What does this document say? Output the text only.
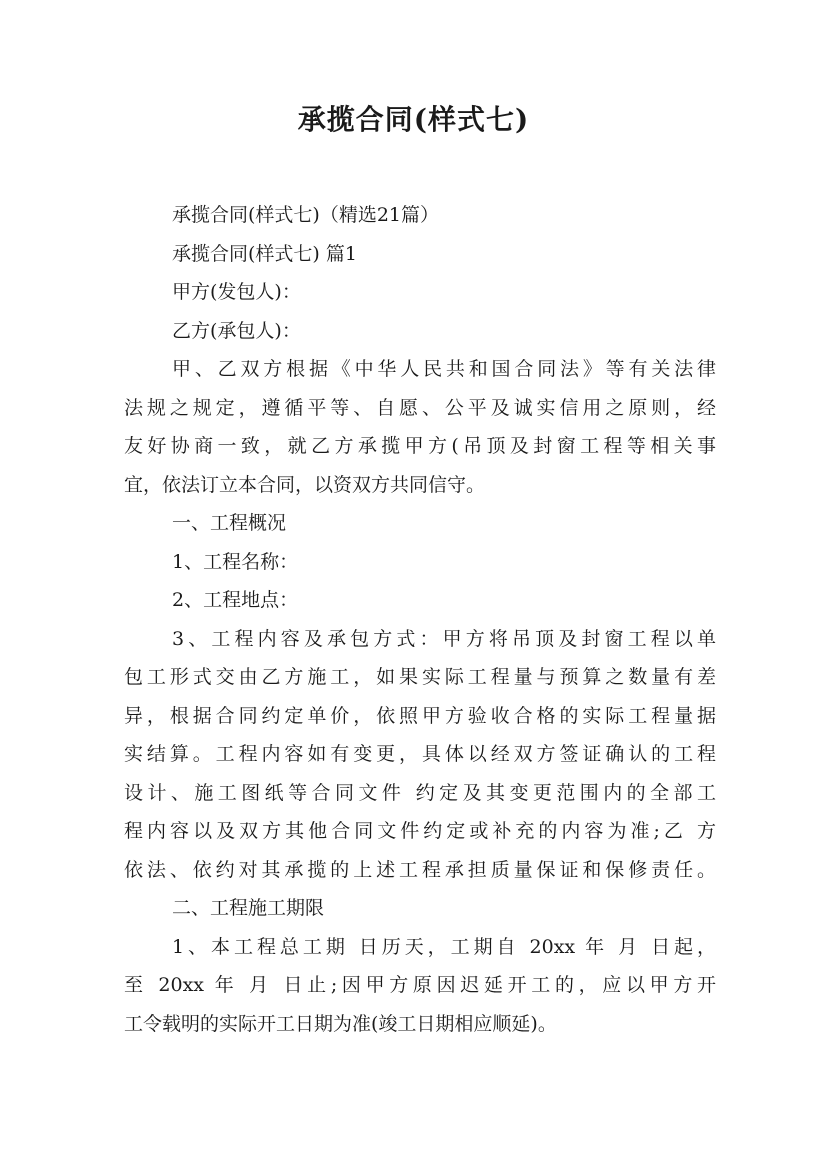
承揽合同(样式七)
承揽合同(样式七)（精选21篇）
承揽合同(样式七) 篇1
甲方(发包人)：
乙方(承包人)：
甲、乙双方根据《中华人民共和国合同法》等有关法律
法规之规定，遵循平等、自愿、公平及诚实信用之原则，经
友好协商一致，就乙方承揽甲方(吊顶及封窗工程等相关事
宜，依法订立本合同，以资双方共同信守。
一、工程概况
1、工程名称：
2、工程地点：
3、工程内容及承包方式：甲方将吊顶及封窗工程以单
包工形式交由乙方施工，如果实际工程量与预算之数量有差
异，根据合同约定单价，依照甲方验收合格的实际工程量据
实结算。工程内容如有变更，具体以经双方签证确认的工程
设计、施工图纸等合同文件 约定及其变更范围内的全部工
程内容以及双方其他合同文件约定或补充的内容为准;乙 方
依法、依约对其承揽的上述工程承担质量保证和保修责任。
二、工程施工期限
1、本工程总工期 日历天，工期自 20xx 年 月 日起，
至 20xx 年 月 日止;因甲方原因迟延开工的，应以甲方开
工令载明的实际开工日期为准(竣工日期相应顺延)。
